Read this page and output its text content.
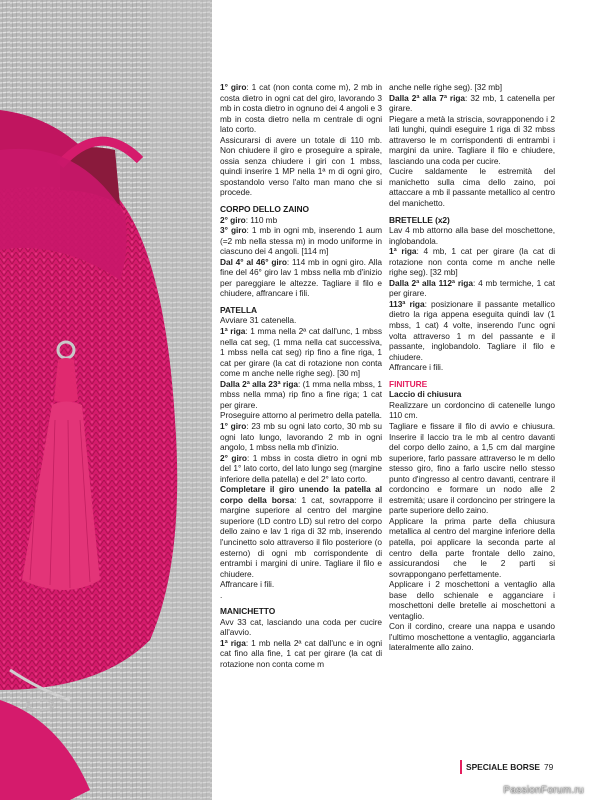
1° giro: 1 cat (non conta come m), 2 mb in costa dietro in ogni cat del giro, lavorando 3 mb in costa dietro in ognuno dei 4 angoli e 3 mb in costa dietro nella m centrale di ogni lato corto.

Assicurarsi di avere un totale di 110 mb. Non chiudere il giro e proseguire a spirale, ossia senza chiudere i giri con 1 mbss, quindi inserire 1 MP nella 1ª m di ogni giro, spostandolo verso l'alto man mano che si procede.

CORPO DELLO ZAINO

2° giro: 110 mb

3° giro: 1 mb in ogni mb, inserendo 1 aum (=2 mb nella stessa m) in modo uniforme in ciascuno dei 4 angoli. [114 m]

Dal 4° al 46° giro: 114 mb in ogni giro. Alla fine del 46° giro lav 1 mbss nella mb d'inizio per pareggiare le altezze. Tagliare il filo e chiudere, affrancare i fili.

PATELLA

Avviare 31 catenella.

1ª riga: 1 mma nella 2ª cat dall'unc, 1 mbss nella cat seg, (1 mma nella cat successiva, 1 mbss nella cat seg) rip fino a fine riga, 1 cat per girare (la cat di rotazione non conta come m anche nelle righe seg). [30 m]

Dalla 2ª alla 23ª riga: (1 mma nella mbss, 1 mbss nella mma) rip fino a fine riga; 1 cat per girare.

Proseguire attorno al perimetro della patella.

1° giro: 23 mb su ogni lato corto, 30 mb su ogni lato lungo, lavorando 2 mb in ogni angolo, 1 mbss nella mb d'inizio.

2° giro: 1 mbss in costa dietro in ogni mb del 1° lato corto, del lato lungo seg (margine inferiore della patella) e del 2° lato corto.

Completare il giro unendo la patella al corpo della borsa: 1 cat, sovrapporre il margine superiore al centro del margine superiore (LD contro LD) sul retro del corpo dello zaino e lav 1 riga di 32 mb, inserendo l'uncinetto solo attraverso il filo posteriore (o esterno) di ogni mb corrispondente di entrambi i margini di unire. Tagliare il filo e chiudere.

Affrancare i fili.

.

MANICHETTO

Avv 33 cat, lasciando una coda per cucire all'avvio.

1ª riga: 1 mb nella 2ª cat dall'unc e in ogni cat fino alla fine, 1 cat per girare (la cat di rotazione non conta come m

anche nelle righe seg). [32 mb]

Dalla 2ª alla 7ª riga: 32 mb, 1 catenella per girare.

Piegare a metà la striscia, sovrapponendo i 2 lati lunghi, quindi eseguire 1 riga di 32 mbss attraverso le m corrispondenti di entrambi i margini da unire. Tagliare il filo e chiudere, lasciando una coda per cucire.

Cucire saldamente le estremità del manichetto sulla cima dello zaino, poi attaccare a mb il passante metallico al centro del manichetto.

BRETELLE (x2)

Lav 4 mb attorno alla base del moschettone, inglobandola.

1ª riga: 4 mb, 1 cat per girare (la cat di rotazione non conta come m anche nelle righe seg). [32 mb]

Dalla 2ª alla 112ª riga: 4 mb termiche, 1 cat per girare.

113ª riga: posizionare il passante metallico dietro la riga appena eseguita quindi lav (1 mbss, 1 cat) 4 volte, inserendo l'unc ogni volta attraverso 1 m del passante e il passante, inglobandolo. Tagliare il filo e chiudere.

Affrancare i fili.

FINITURE

Laccio di chiusura

Realizzare un cordoncino di catenelle lungo 110 cm.

Tagliare e fissare il filo di avvio e chiusura. Inserire il laccio tra le mb al centro davanti del corpo dello zaino, a 1,5 cm dal margine superiore, farlo passare attraverso le m dello stesso giro, fino a farlo uscire nello stesso punto d'ingresso al centro davanti, centrare il cordoncino e formare un nodo alle 2 estremità; usare il cordoncino per stringere la parte superiore dello zaino.

Applicare la prima parte della chiusura metallica al centro del margine inferiore della patella, poi applicare la seconda parte al centro della parte frontale dello zaino, assicurandosi che le 2 parti si sovrappongano perfettamente.

Applicare i 2 moschettoni a ventaglio alla base dello schienale e agganciare i moschettoni delle bretelle ai moschettoni a ventaglio.

Con il cordino, creare una nappa e usando l'ultimo moschettone a ventaglio, agganciarla lateralmente allo zaino.

SPECIALE BORSE 79
PassionForum.ru
